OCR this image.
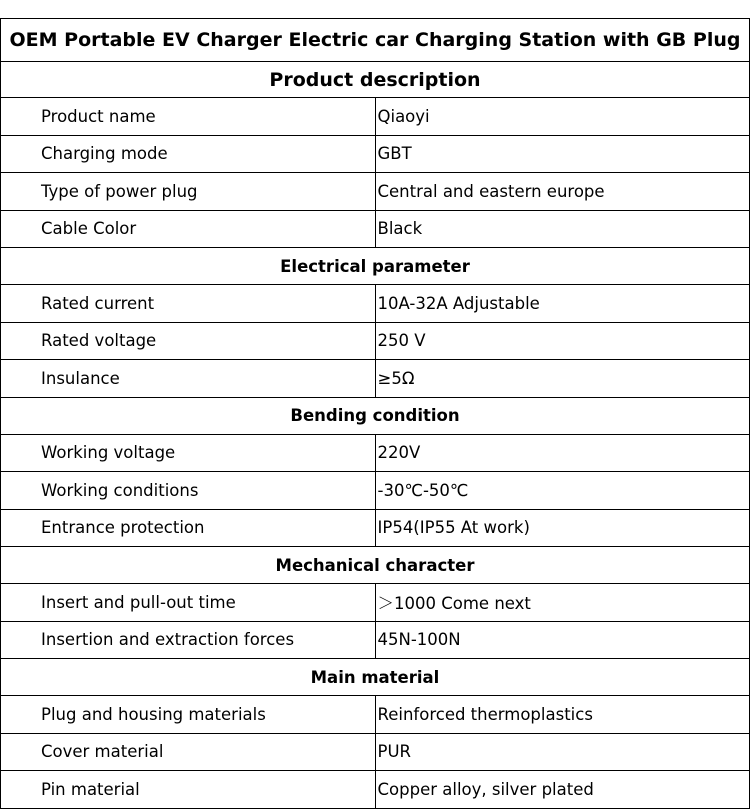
OEM Portable EV Charger Electric car Charging Station with GB Plug	
Product description	
Product name	Qiaoyi
Charging mode	GBT
Type of power plug	Central and eastern europe
Cable Color	Black
Electrical parameter	
Rated current	10A-32A Adjustable
Rated voltage	250 V
Insulance	≥5Ω
Bending condition	
Working voltage	220V
Working conditions	-30℃-50℃
Entrance protection	IP54(IP55 At work)
Mechanical character	
Insert and pull-out time	＞1000 Come next
Insertion and extraction forces	45N-100N
Main material	
Plug and housing materials	Reinforced thermoplastics
Cover material	PUR
Pin material	Copper alloy, silver plated
